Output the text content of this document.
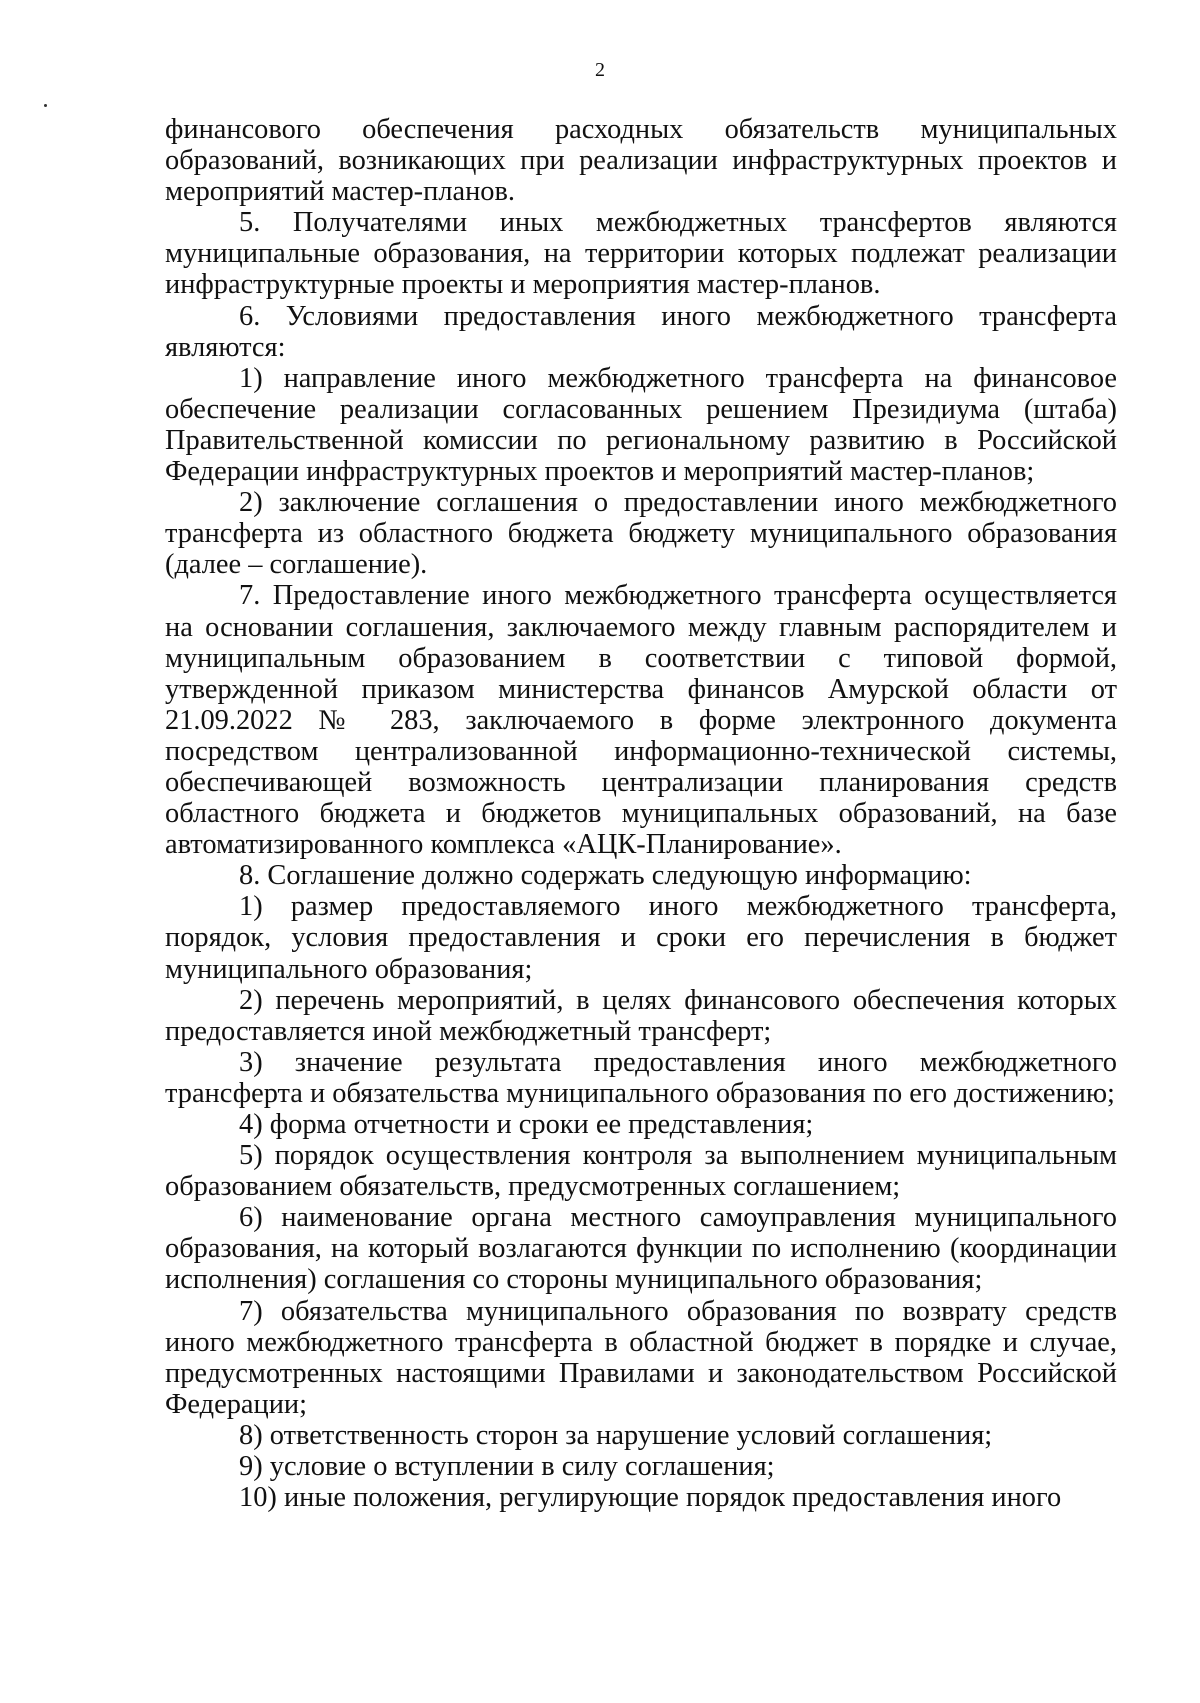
2

финансового обеспечения расходных обязательств муниципальных образований, возникающих при реализации инфраструктурных проектов и мероприятий мастер-планов.

5. Получателями иных межбюджетных трансфертов являются муниципальные образования, на территории которых подлежат реализации инфраструктурные проекты и мероприятия мастер-планов.

6. Условиями предоставления иного межбюджетного трансферта являются:

1) направление иного межбюджетного трансферта на финансовое обеспечение реализации согласованных решением Президиума (штаба) Правительственной комиссии по региональному развитию в Российской Федерации инфраструктурных проектов и мероприятий мастер-планов;

2) заключение соглашения о предоставлении иного межбюджетного трансферта из областного бюджета бюджету муниципального образования (далее – соглашение).

7. Предоставление иного межбюджетного трансферта осуществляется на основании соглашения, заключаемого между главным распорядителем и муниципальным образованием в соответствии с типовой формой, утвержденной приказом министерства финансов Амурской области от 21.09.2022 № 283, заключаемого в форме электронного документа посредством централизованной информационно-технической системы, обеспечивающей возможность централизации планирования средств областного бюджета и бюджетов муниципальных образований, на базе автоматизированного комплекса «АЦК-Планирование».

8. Соглашение должно содержать следующую информацию:

1) размер предоставляемого иного межбюджетного трансферта, порядок, условия предоставления и сроки его перечисления в бюджет муниципального образования;

2) перечень мероприятий, в целях финансового обеспечения которых предоставляется иной межбюджетный трансферт;

3) значение результата предоставления иного межбюджетного трансферта и обязательства муниципального образования по его достижению;

4) форма отчетности и сроки ее представления;

5) порядок осуществления контроля за выполнением муниципальным образованием обязательств, предусмотренных соглашением;

6) наименование органа местного самоуправления муниципального образования, на который возлагаются функции по исполнению (координации исполнения) соглашения со стороны муниципального образования;

7) обязательства муниципального образования по возврату средств иного межбюджетного трансферта в областной бюджет в порядке и случае, предусмотренных настоящими Правилами и законодательством Российской Федерации;

8) ответственность сторон за нарушение условий соглашения;

9) условие о вступлении в силу соглашения;

10) иные положения, регулирующие порядок предоставления иного
